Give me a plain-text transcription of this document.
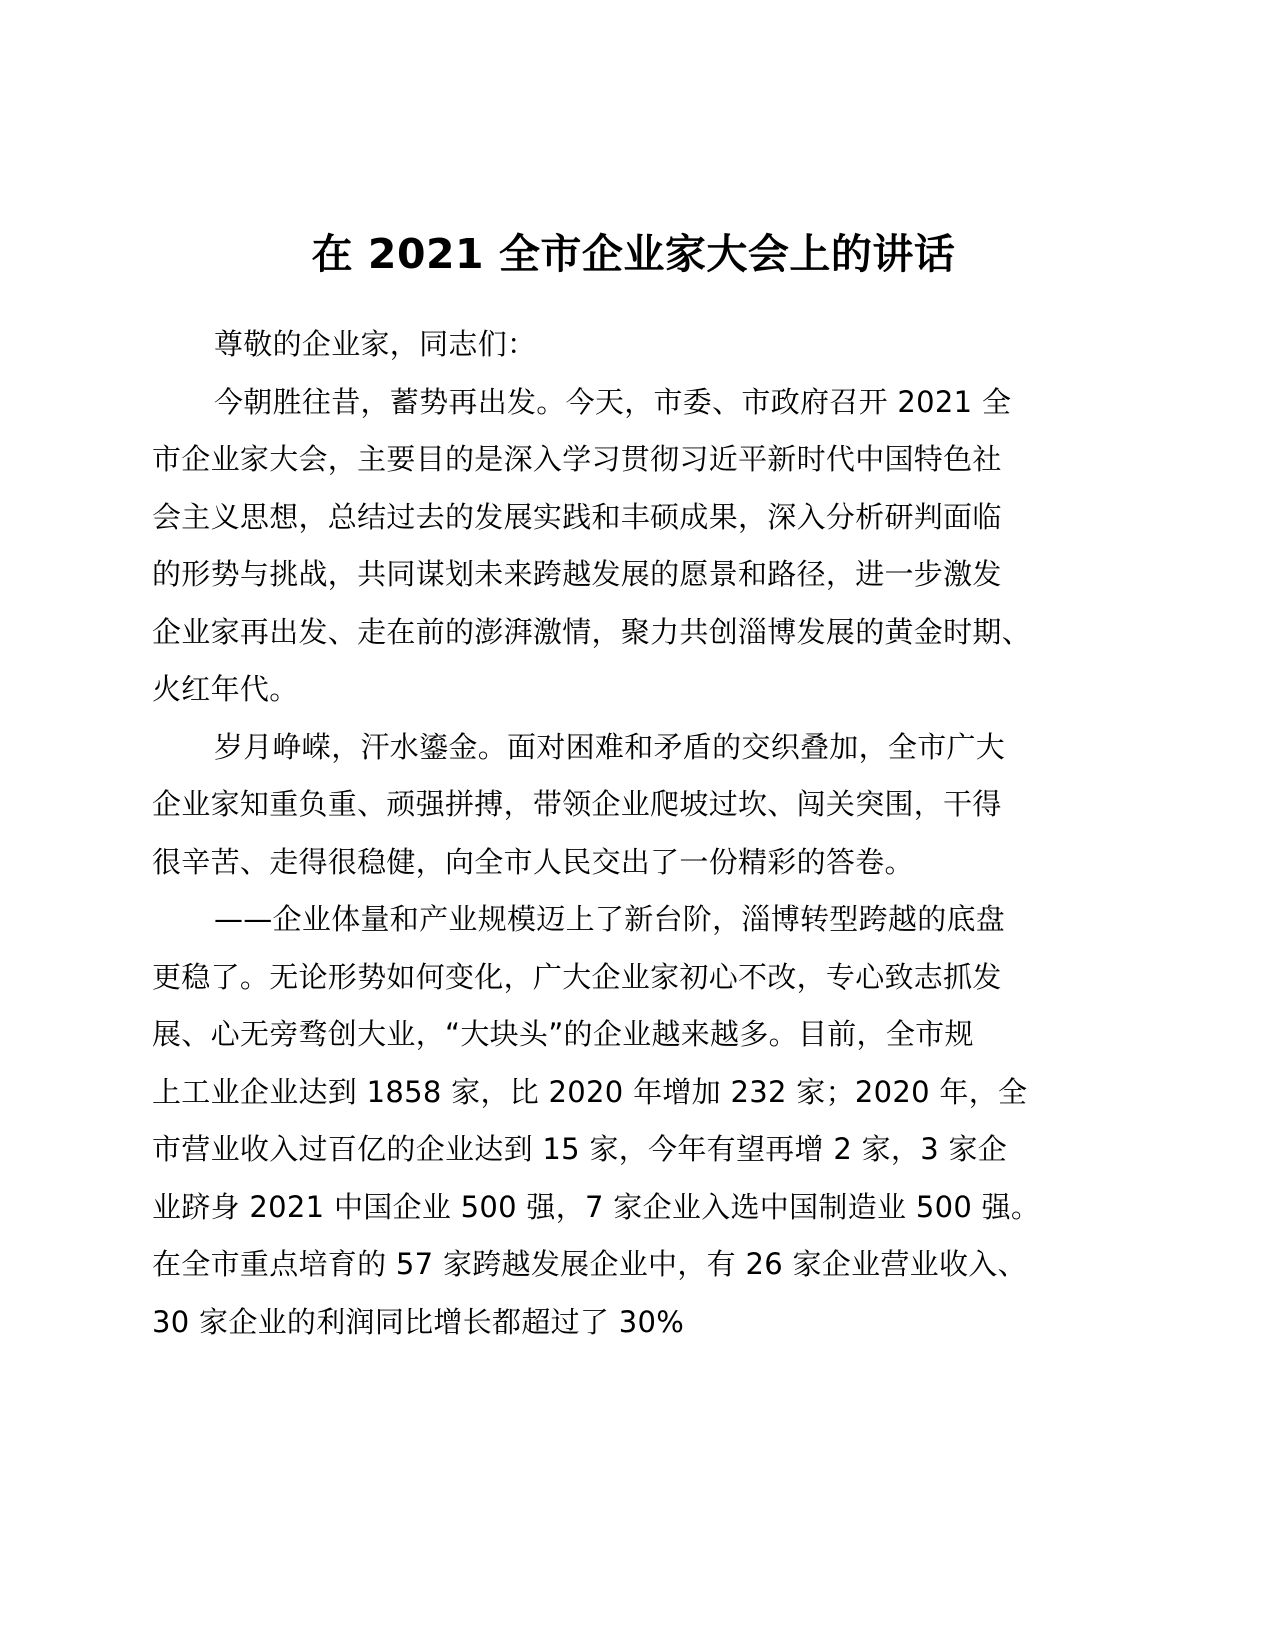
在 2021 全市企业家大会上的讲话

尊敬的企业家，同志们：

今朝胜往昔，蓄势再出发。今天，市委、市政府召开 2021 全
市企业家大会，主要目的是深入学习贯彻习近平新时代中国特色社
会主义思想，总结过去的发展实践和丰硕成果，深入分析研判面临
的形势与挑战，共同谋划未来跨越发展的愿景和路径，进一步激发
企业家再出发、走在前的澎湃激情，聚力共创淄博发展的黄金时期、
火红年代。

岁月峥嵘，汗水鎏金。面对困难和矛盾的交织叠加，全市广大
企业家知重负重、顽强拼搏，带领企业爬坡过坎、闯关突围，干得
很辛苦、走得很稳健，向全市人民交出了一份精彩的答卷。

——企业体量和产业规模迈上了新台阶，淄博转型跨越的底盘
更稳了。无论形势如何变化，广大企业家初心不改，专心致志抓发
展、心无旁骛创大业，“大块头”的企业越来越多。目前，全市规
上工业企业达到 1858 家，比 2020 年增加 232 家；2020 年，全
市营业收入过百亿的企业达到 15 家，今年有望再增 2 家，3 家企
业跻身 2021 中国企业 500 强，7 家企业入选中国制造业 500 强。
在全市重点培育的 57 家跨越发展企业中，有 26 家企业营业收入、
30 家企业的利润同比增长都超过了 30%
